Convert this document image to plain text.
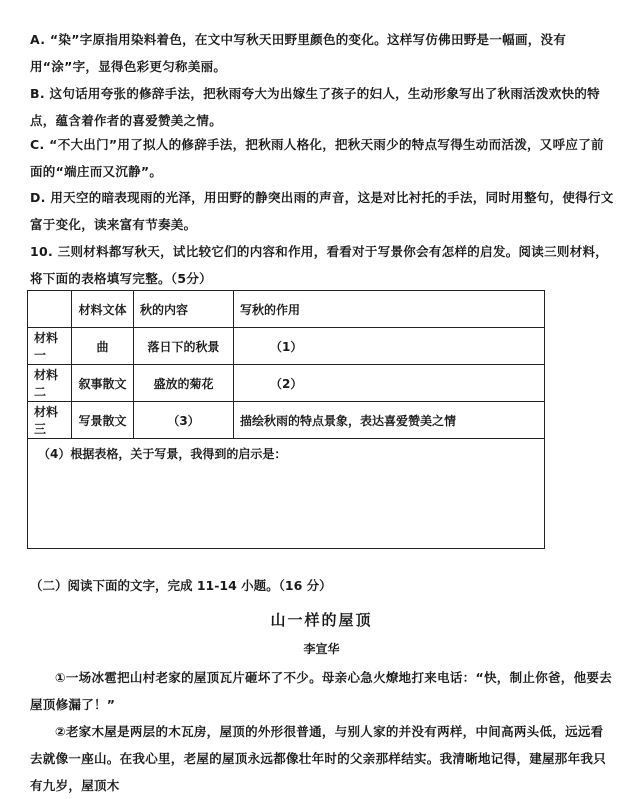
A. “染”字原指用染料着色，在文中写秋天田野里颜色的变化。这样写仿佛田野是一幅画，没有用“涂”字，显得色彩更匀称美丽。
B. 这句话用夸张的修辞手法，把秋雨夸大为出嫁生了孩子的妇人，生动形象写出了秋雨活泼欢快的特点，蕴含着作者的喜爱赞美之情。
C. “不大出门”用了拟人的修辞手法，把秋雨人格化，把秋天雨少的特点写得生动而活泼，又呼应了前面的“端庄而又沉静”。
D. 用天空的暗表现雨的光泽，用田野的静突出雨的声音，这是对比衬托的手法，同时用整句，使得行文富于变化，读来富有节奏美。
10. 三则材料都写秋天，试比较它们的内容和作用，看看对于写景你会有怎样的启发。阅读三则材料，将下面的表格填写完整。（5分）
	材料文体	秋的内容	写秋的作用
材料一	曲	落日下的秋景	（1）
材料二	叙事散文	盛放的菊花	（2）
材料三	写景散文	（3）	描绘秋雨的特点景象，表达喜爱赞美之情
（4）根据表格，关于写景，我得到的启示是：
（二）阅读下面的文字，完成 11-14 小题。（16 分）
山一样的屋顶
李宣华
①一场冰雹把山村老家的屋顶瓦片砸坏了不少。母亲心急火燎地打来电话：“快，制止你爸，他要去屋顶修漏了！”
②老家木屋是两层的木瓦房，屋顶的外形很普通，与别人家的并没有两样，中间高两头低，远远看去就像一座山。在我心里，老屋的屋顶永远都像壮年时的父亲那样结实。我清晰地记得，建屋那年我只有九岁，屋顶木
